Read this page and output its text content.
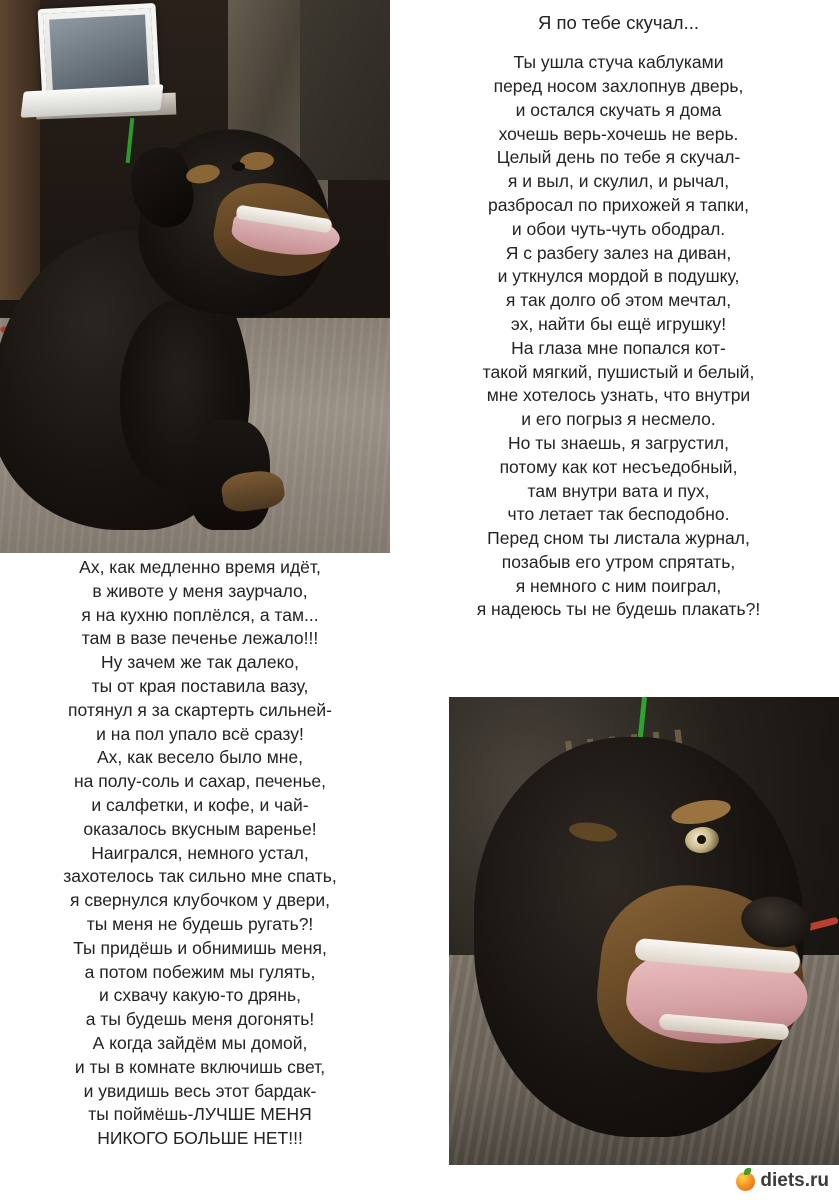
Я по тебе скучал...
Ты ушла стуча каблуками
перед носом захлопнув дверь,
и остался скучать я дома
хочешь верь-хочешь не верь.
Целый день по тебе я скучал-
я и выл, и скулил, и рычал,
разбросал по прихожей я тапки,
и обои чуть-чуть ободрал.
Я с разбегу залез на диван,
и уткнулся мордой в подушку,
я так долго об этом мечтал,
эх, найти бы ещё игрушку!
На глаза мне попался кот-
такой мягкий, пушистый и белый,
мне хотелось узнать, что внутри
и его погрыз я несмело.
Но ты знаешь, я загрустил,
потому как кот несъедобный,
там внутри вата и пух,
что летает так бесподобно.
Перед сном ты листала журнал,
позабыв его утром спрятать,
я немного с ним поиграл,
я надеюсь ты не будешь плакать?!
Ах, как медленно время идёт,
в животе у меня заурчало,
я на кухню поплёлся, а там...
там в вазе печенье лежало!!!
Ну зачем же так далеко,
ты от края поставила вазу,
потянул я за скартерть сильней-
и на пол упало всё сразу!
Ах, как весело было мне,
на полу-соль и сахар, печенье,
и салфетки, и кофе, и чай-
оказалось вкусным варенье!
Наигрался, немного устал,
захотелось так сильно мне спать,
я свернулся клубочком у двери,
ты меня не будешь ругать?!
Ты придёшь и обнимишь меня,
а потом побежим мы гулять,
и схвачу какую-то дрянь,
а ты будешь меня догонять!
А когда зайдём мы домой,
и ты в комнате включишь свет,
и увидишь весь этот бардак-
ты поймёшь-ЛУЧШЕ МЕНЯ
НИКОГО БОЛЬШЕ НЕТ!!!
diets.ru
